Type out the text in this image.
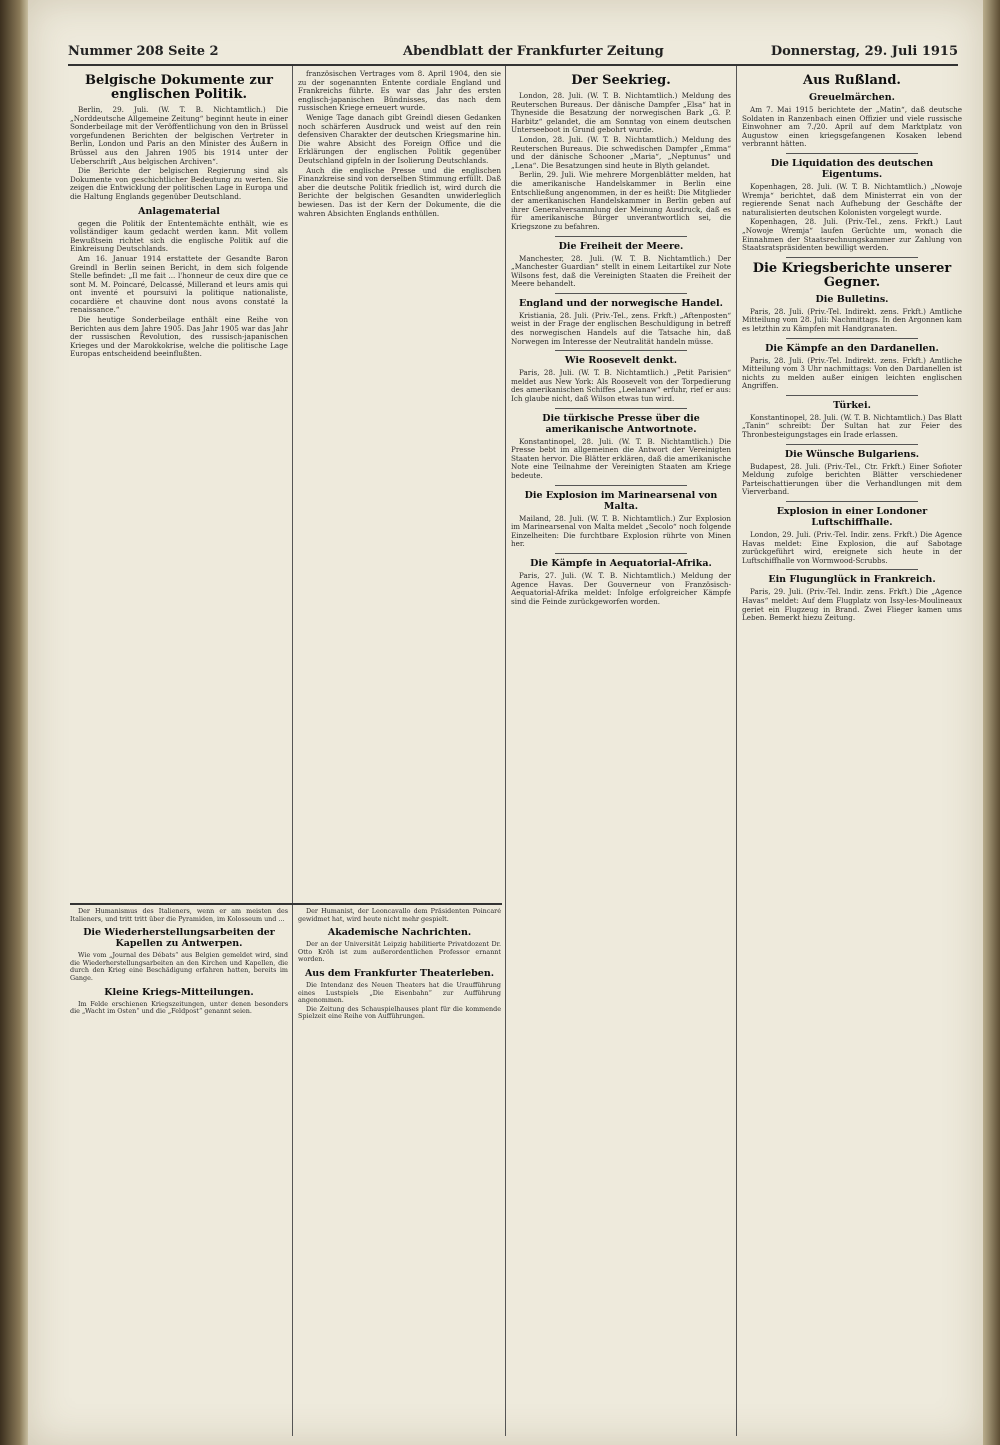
Nummer 208 Seite 2	Abendblatt der Frankfurter Zeitung	Donnerstag, 29. Juli 1915
Belgische Dokumente zur englischen Politik.

Berlin, 29. Juli. (W. T. B. Nichtamtlich.) Die „Norddeutsche Allgemeine Zeitung“ beginnt heute in einer Sonderbeilage mit der Veröffentlichung von den in Brüssel vorgefundenen Berichten der belgischen Vertreter in Berlin, London und Paris an den Minister des Äußern in Brüssel aus den Jahren 1905 bis 1914 unter der Ueberschrift „Aus belgischen Archiven“.

Die Berichte der belgischen Regierung sind als Dokumente von geschichtlicher Bedeutung zu werten. Sie zeigen die Entwicklung der politischen Lage in Europa und die Haltung Englands gegenüber Deutschland.

Anlagematerial

gegen die Politik der Ententemächte enthält, wie es vollständiger kaum gedacht werden kann. Mit vollem Bewußtsein richtet sich die englische Politik auf die Einkreisung Deutschlands.

Am 16. Januar 1914 erstattete der Gesandte Baron Greindl in Berlin seinen Bericht, in dem sich folgende Stelle befindet: „Il me fait ... l'honneur de ceux dire que ce sont M. M. Poincaré, Delcassé, Millerand et leurs amis qui ont inventé et poursuivi la politique nationaliste, cocardière et chauvine dont nous avons constaté la renaissance.“

Die heutige Sonderbeilage enthält eine Reihe von Berichten aus dem Jahre 1905. Das Jahr 1905 war das Jahr der russischen Revolution, des russisch-japanischen Krieges und der Marokkokrise, welche die politische Lage Europas entscheidend beeinflußten.

französischen Vertrages vom 8. April 1904, den sie zu der sogenannten Entente cordiale England und Frankreichs führte. Es war das Jahr des ersten englisch-japanischen Bündnisses, das nach dem russischen Kriege erneuert wurde.

Wenige Tage danach gibt Greindl diesen Gedanken noch schärferen Ausdruck und weist auf den rein defensiven Charakter der deutschen Kriegsmarine hin. Die wahre Absicht des Foreign Office und die Erklärungen der englischen Politik gegenüber Deutschland gipfeln in der Isolierung Deutschlands.

Auch die englische Presse und die englischen Finanzkreise sind von derselben Stimmung erfüllt. Daß aber die deutsche Politik friedlich ist, wird durch die Berichte der belgischen Gesandten unwiderleglich bewiesen. Das ist der Kern der Dokumente, die die wahren Absichten Englands enthüllen.

Der Humanismus des Italieners, wenn er am meisten des Italieners, und tritt tritt über die Pyramiden, im Kolosseum und ...

Die Wiederherstellungsarbeiten der Kapellen zu Antwerpen.

Wie vom „Journal des Débats“ aus Belgien gemeldet wird, sind die Wiederherstellungsarbeiten an den Kirchen und Kapellen, die durch den Krieg eine Beschädigung erfahren hatten, bereits im Gange.

Kleine Kriegs-Mitteilungen.

Im Felde erschienen Kriegszeitungen, unter denen besonders die „Wacht im Osten“ und die „Feldpost“ genannt seien.

Der Humanist, der Leoncavallo dem Präsidenten Poincaré gewidmet hat, wird heute nicht mehr gespielt.

Akademische Nachrichten.

Der an der Universität Leipzig habilitierte Privatdozent Dr. Otto Kröh ist zum außerordentlichen Professor ernannt worden.

Aus dem Frankfurter Theaterleben.

Die Intendanz des Neuen Theaters hat die Uraufführung eines Lustspiels „Die Eisenbahn“ zur Aufführung angenommen.

Die Zeitung des Schauspielhauses plant für die kommende Spielzeit eine Reihe von Aufführungen.

Der Seekrieg.

London, 28. Juli. (W. T. B. Nichtamtlich.) Meldung des Reuterschen Bureaus. Der dänische Dampfer „Elsa“ hat in Thyneside die Besatzung der norwegischen Bark „G. P. Harbitz“ gelandet, die am Sonntag von einem deutschen Unterseeboot in Grund gebohrt wurde.

London, 28. Juli. (W. T. B. Nichtamtlich.) Meldung des Reuterschen Bureaus. Die schwedischen Dampfer „Emma“ und der dänische Schooner „Maria“, „Neptunus“ und „Lena“. Die Besatzungen sind heute in Blyth gelandet.

Berlin, 29. Juli. Wie mehrere Morgenblätter melden, hat die amerikanische Handelskammer in Berlin eine Entschließung angenommen, in der es heißt: Die Mitglieder der amerikanischen Handelskammer in Berlin geben auf ihrer Generalversammlung der Meinung Ausdruck, daß es für amerikanische Bürger unverantwortlich sei, die Kriegszone zu befahren.

Die Freiheit der Meere.

Manchester, 28. Juli. (W. T. B. Nichtamtlich.) Der „Manchester Guardian“ stellt in einem Leitartikel zur Note Wilsons fest, daß die Vereinigten Staaten die Freiheit der Meere behandelt.

England und der norwegische Handel.

Kristiania, 28. Juli. (Priv.-Tel., zens. Frkft.) „Aftenposten“ weist in der Frage der englischen Beschuldigung in betreff des norwegischen Handels auf die Tatsache hin, daß Norwegen im Interesse der Neutralität handeln müsse.

Wie Roosevelt denkt.

Paris, 28. Juli. (W. T. B. Nichtamtlich.) „Petit Parisien“ meldet aus New York: Als Roosevelt von der Torpedierung des amerikanischen Schiffes „Leelanaw“ erfuhr, rief er aus: Ich glaube nicht, daß Wilson etwas tun wird.

Die türkische Presse über die amerikanische Antwortnote.

Konstantinopel, 28. Juli. (W. T. B. Nichtamtlich.) Die Presse bebt im allgemeinen die Antwort der Vereinigten Staaten hervor. Die Blätter erklären, daß die amerikanische Note eine Teilnahme der Vereinigten Staaten am Kriege bedeute.

Die Explosion im Marinearsenal von Malta.

Mailand, 28. Juli. (W. T. B. Nichtamtlich.) Zur Explosion im Marinearsenal von Malta meldet „Secolo“ noch folgende Einzelheiten: Die furchtbare Explosion rührte von Minen her.

Die Kämpfe in Aequatorial-Afrika.

Paris, 27. Juli. (W. T. B. Nichtamtlich.) Meldung der Agence Havas. Der Gouverneur von Französisch-Aequatorial-Afrika meldet: Infolge erfolgreicher Kämpfe sind die Feinde zurückgeworfen worden.

Aus Rußland.
Greuelmärchen.

Am 7. Mai 1915 berichtete der „Matin“, daß deutsche Soldaten in Ranzenbach einen Offizier und viele russische Einwohner am 7./20. April auf dem Marktplatz von Augustow einen kriegsgefangenen Kosaken lebend verbrannt hätten.

Die Liquidation des deutschen Eigentums.

Kopenhagen, 28. Juli. (W. T. B. Nichtamtlich.) „Nowoje Wremja“ berichtet, daß dem Ministerrat ein von der regierende Senat nach Aufhebung der Geschäfte der naturalisierten deutschen Kolonisten vorgelegt wurde.

Kopenhagen, 28. Juli. (Priv.-Tel., zens. Frkft.) Laut „Nowoje Wremja“ laufen Gerüchte um, wonach die Einnahmen der Staatsrechnungskammer zur Zahlung von Staatsratspräsidenten bewilligt werden.

Die Kriegsberichte unserer Gegner.
Die Bulletins.

Paris, 28. Juli. (Priv.-Tel. Indirekt. zens. Frkft.) Amtliche Mitteilung vom 28. Juli: Nachmittags. In den Argonnen kam es letzthin zu Kämpfen mit Handgranaten.

Die Kämpfe an den Dardanellen.

Paris, 28. Juli. (Priv.-Tel. Indirekt. zens. Frkft.) Amtliche Mitteilung vom 3 Uhr nachmittags: Von den Dardanellen ist nichts zu melden außer einigen leichten englischen Angriffen.

Türkei.

Konstantinopel, 28. Juli. (W. T. B. Nichtamtlich.) Das Blatt „Tanin“ schreibt: Der Sultan hat zur Feier des Thronbesteigungstages ein Irade erlassen.

Die Wünsche Bulgariens.

Budapest, 28. Juli. (Priv.-Tel., Ctr. Frkft.) Einer Sofioter Meldung zufolge berichten Blätter verschiedener Parteischattierungen über die Verhandlungen mit dem Vierverband.

Explosion in einer Londoner Luftschiffhalle.

London, 29. Juli. (Priv.-Tel. Indir. zens. Frkft.) Die Agence Havas meldet: Eine Explosion, die auf Sabotage zurückgeführt wird, ereignete sich heute in der Luftschiffhalle von Wormwood-Scrubbs.

Ein Flugunglück in Frankreich.

Paris, 29. Juli. (Priv.-Tel. Indir. zens. Frkft.) Die „Agence Havas“ meldet: Auf dem Flugplatz von Issy-les-Moulineaux geriet ein Flugzeug in Brand. Zwei Flieger kamen ums Leben. Bemerkt hiezu Zeitung.
